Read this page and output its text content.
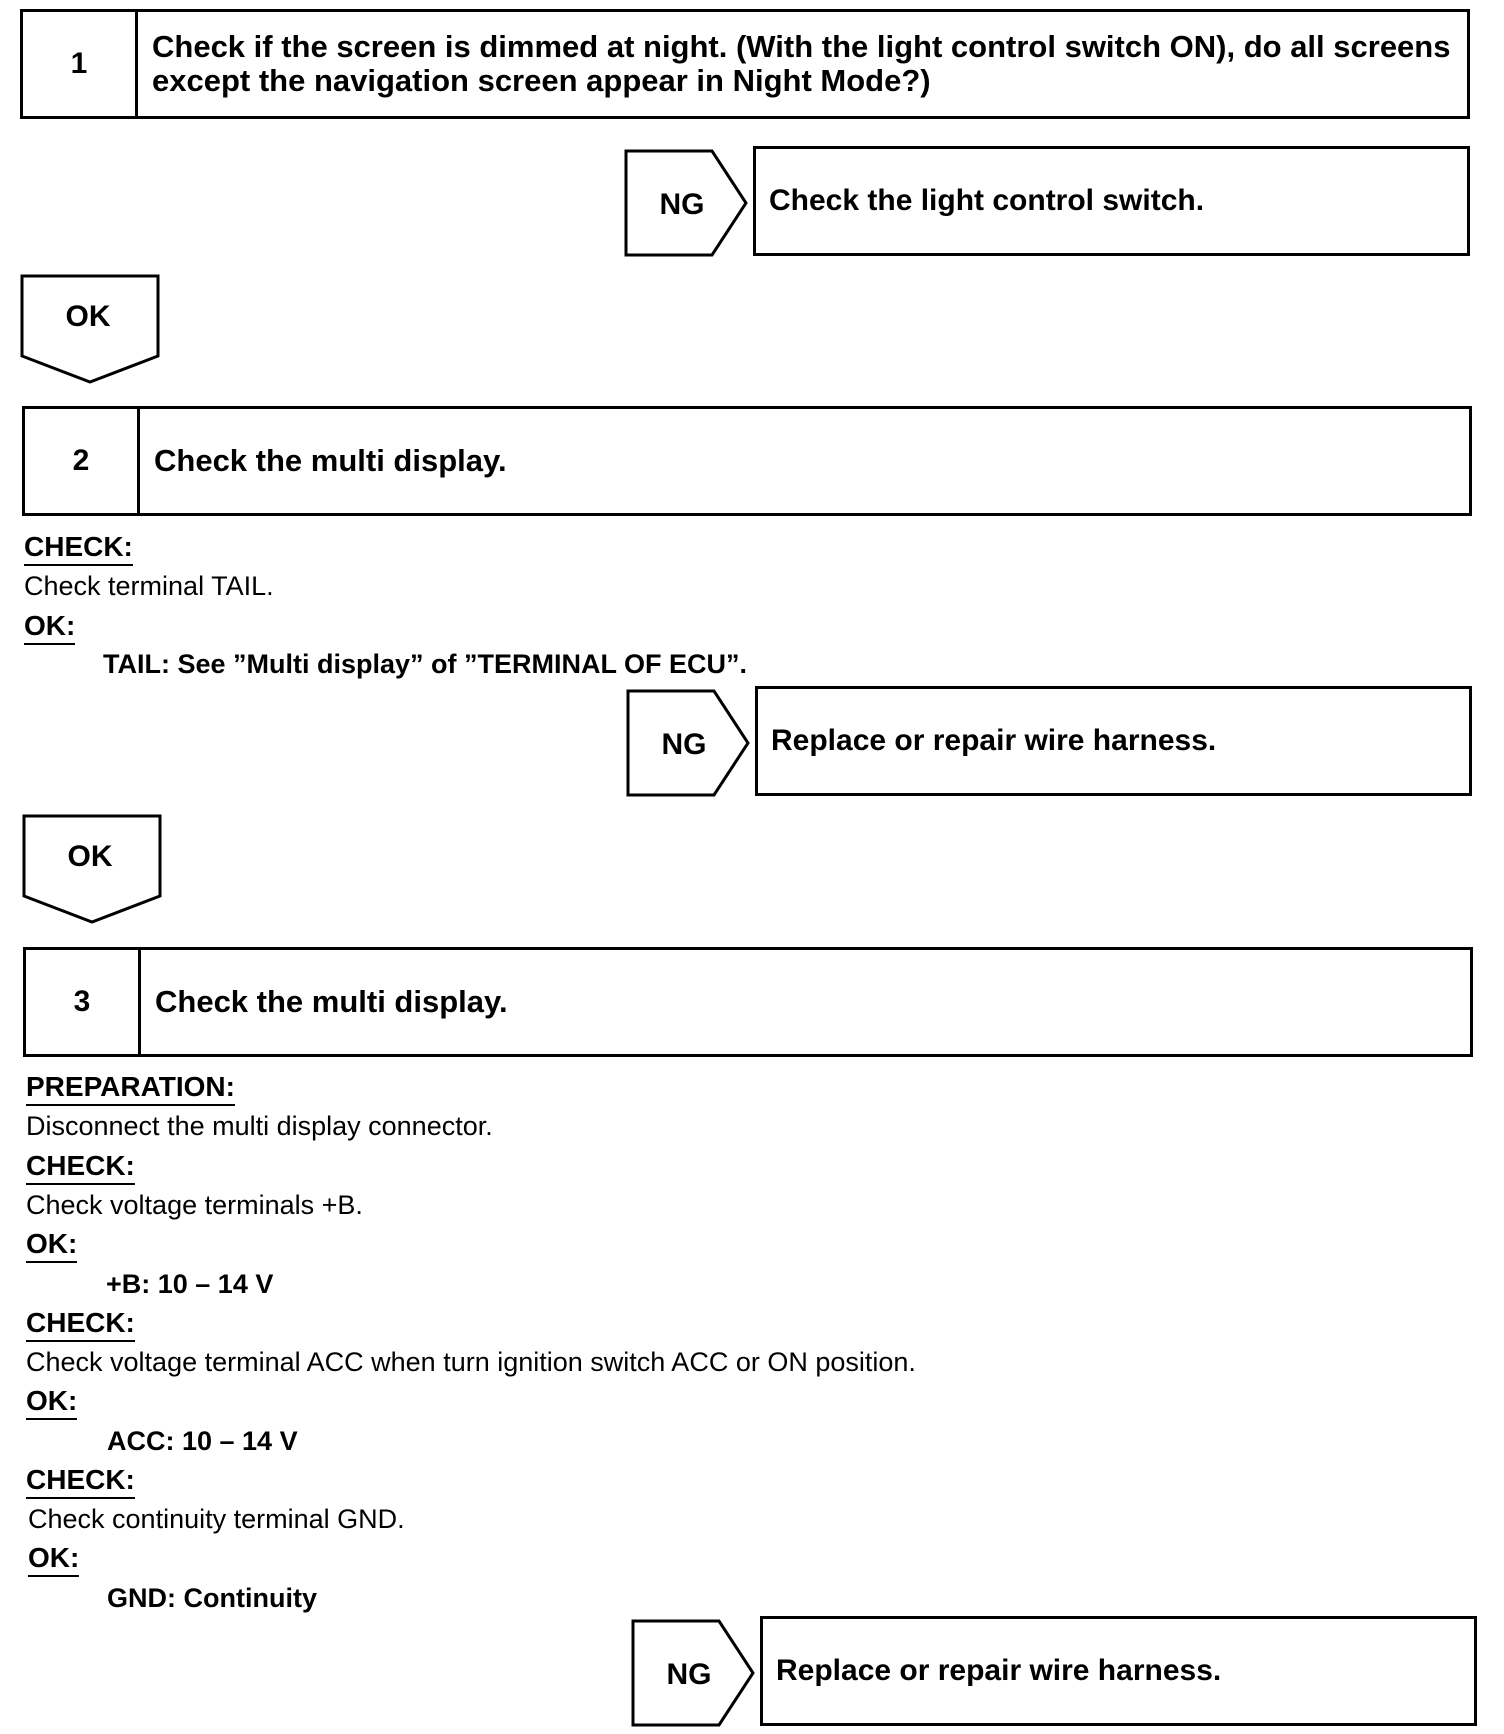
1	Check if the screen is dimmed at night. (With the light control switch ON), do all screens except the navigation screen appear in Night Mode?)
NG Check the light control switch.
OK
2	Check the multi display.
CHECK:
Check terminal TAIL.
OK:
TAIL: See ”Multi display” of ”TERMINAL OF ECU”.
NG Replace or repair wire harness.
OK
3	Check the multi display.
PREPARATION:
Disconnect the multi display connector.
CHECK:
Check voltage terminals +B.
OK:
+B: 10 – 14 V
CHECK:
Check voltage terminal ACC when turn ignition switch ACC or ON position.
OK:
ACC: 10 – 14 V
CHECK:
Check continuity terminal GND.
OK:
GND: Continuity
NG Replace or repair wire harness.
